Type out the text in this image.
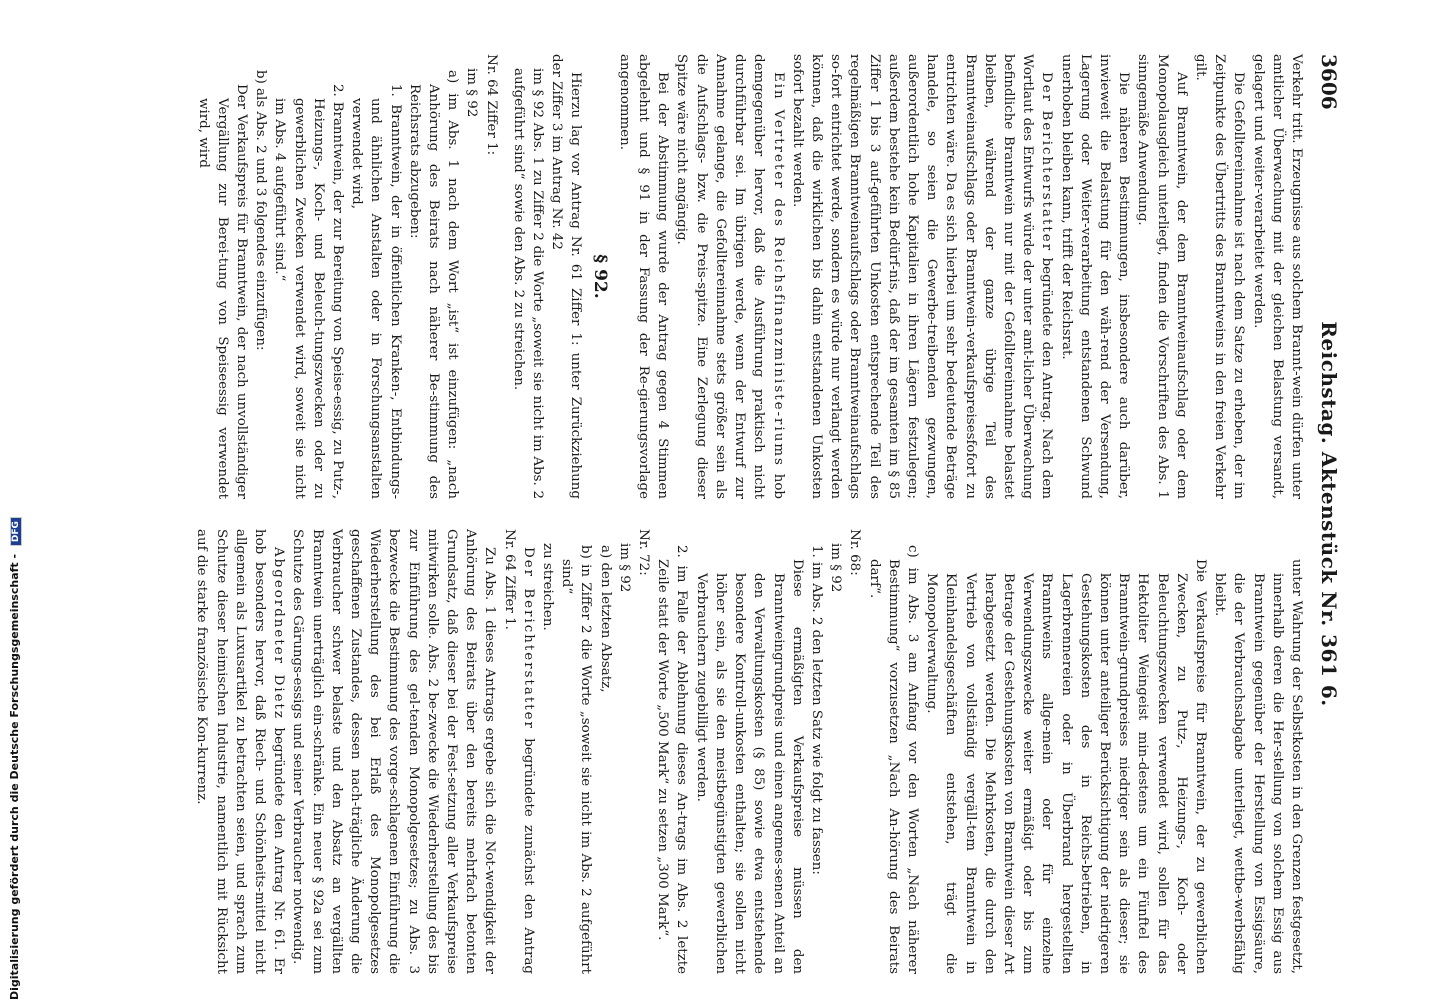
3606
Reichstag. Aktenstück Nr. 361 6.

Verkehr tritt. Erzeugnisse aus solchem Brannt-wein dürfen unter amtlicher Überwachung mit der gleichen Belastung versandt, gelagert und weiter-verarbeitet werden.

Die Gefolltereinnahme ist nach dem Satze zu erheben, der im Zeitpunkte des Übertritts des Branntweins in den freien Verkehr gilt.

Auf Branntwein, der dem Branntweinaufschlag oder dem Monopolausgleich unterliegt, finden die Vorschriften des Abs. 1 sinngemäße Anwendung.

Die näheren Bestimmungen, insbesondere auch darüber, inwieweit die Belastung für den wäh-rend der Versendung, Lagerung oder Weiter-verarbeitung entstandenen Schwund unerhoben bleiben kann, trifft der Reichsrat.

Der Berichterstatter begründete den Antrag. Nach dem Wortlaut des Entwurfs würde der unter amt-licher Überwachung befindliche Branntwein nur mit der Gefolltereinnahme belastet bleiben, während der ganze übrige Teil des Branntweinaufschlags oder Branntwein-verkaufspreisesfofort zu entrichten wäre. Da es sich hierbei um sehr bedeutende Beträge handele, so seien die Gewerbe-treibenden gezwungen, außerordentlich hohe Kapitalien in ihren Lägern festzulegen; außerdem bestehe kein Bedürf-nis, daß der im gesamten im § 85 Ziffer 1 bis 3 auf-geführten Unkosten entsprechende Teil des regelmäßigen Branntweinaufschlags oder Branntweinaufschlags so-fort entrichtet werde, sondern es würde nur verlangt werden können, daß die wirklichen bis dahin entstandenen Unkosten sofort bezahlt werden.

Ein Vertreter des Reichsfinanzministe-riums hob demgegenüber hervor, daß die Ausführung praktisch nicht durchführbar sei. Im übrigen werde, wenn der Entwurf zur Annahme gelange, die Gefolltereinnahme stets größer sein als die Aufschlags- bzw. die Preis-spitze. Eine Zerlegung dieser Spitze wäre nicht angängig.

Bei der Abstimmung wurde der Antrag gegen 4 Stimmen abgelehnt und § 91 in der Fassung der Re-gierungsvorlage angenommen.

§ 92.

Hierzu lag vor Antrag Nr. 61 Ziffer 1: unter Zurückziehung der Ziffer 3 im Antrag Nr. 42

im § 92 Abs. 1 zu Ziffer 2 die Worte „soweit sie nicht im Abs. 2 aufgeführt sind“ sowie den Abs. 2 zu streichen.

Nr. 64 Ziffer 1:

im § 92

a) im Abs. 1 nach dem Wort „ist“ ist einzufügen: „nach Anhörung des Beirats nach näherer Be-stimmung des Reichsrats abzugeben:

1. Branntwein, der in öffentlichen Kranken-, Entbindungs- und ähnlichen Anstalten oder in Forschungsanstalten verwendet wird,

2. Branntwein, der zur Bereitung von Speise-essig, zu Putz-, Heizungs-, Koch- und Beleuch-tungszwecken oder zu gewerblichen Zwecken verwendet wird, soweit sie nicht im Abs. 4 aufgeführt sind.“

b) als Abs. 2 und 3 folgendes einzufügen:

Der Verkaufspreis für Branntwein, der nach unvollständiger Vergällung zur Berei-tung von Speiseessig verwendet wird, wird

unter Wahrung der Selbstkosten in den Grenzen festgesetzt, innerhalb deren die Her-stellung von solchem Essig aus Branntwein gegenüber der Herstellung von Essigsäure, die der Verbrauchsabgabe unterliegt, wettbe-werbsfähig bleibt.

Die Verkaufspreise für Branntwein, der zu gewerblichen Zwecken, zu Putz-, Heizungs-, Koch- oder Beleuchtungszwecken verwendet wird, sollen für das Hektoliter Weingeist min-destens um ein Fünftel des Branntwein-grundpreises niedriger sein als dieser; sie können unter anteiliger Berücksichtigung der niedrigeren Gestehungskosten des in Reichs-betrieben, in Lagerbrennereien oder in Überbrand hergestellten Branntweins allge-mein oder für einzelne Verwendungszwecke weiter ermäßigt oder bis zum Betrage der Gestehungskosten von Branntwein dieser Art herabgesetzt werden. Die Mehrkosten, die durch den Vertrieb von vollständig vergäll-tem Branntwein in Kleinhandelsgeschäften entstehen, trägt die Monopolverwaltung.

c) im Abs. 3 am Anfang vor den Worten „Nach näherer Bestimmung“ vorzusetzen „Nach An-hörung des Beirats darf“.

Nr. 68:

im § 92

1. im Abs. 2 den letzten Satz wie folgt zu fassen:

Diese ermäßigten Verkaufspreise müssen den Branntweingrundpreis und einen angemes-senen Anteil an den Verwaltungskosten (§ 85) sowie etwa entstehende besondere Kontroll-unkosten enthalten; sie sollen nicht höher sein, als sie den meistbegünstigten gewerblichen Verbrauchern zugebilligt werden.

2. im Falle der Ablehnung dieses An-trags im Abs. 2 letzte Zeile statt der Worte „500 Mark“ zu setzen „300 Mark“.

Nr. 72:

im § 92

a) den letzten Absatz,

b) in Ziffer 2 die Worte „soweit sie nicht im Abs. 2 aufgeführt sind“

zu streichen.

Der Berichterstatter begründete zunächst den Antrag Nr. 64 Ziffer 1.

Zu Abs. 1 dieses Antrags ergebe sich die Not-wendigkeit der Anhörung des Beirats über den bereits mehrfach betonten Grundsatz, daß dieser bei der Fest-setzung aller Verkaufspreise mitwirken solle. Abs. 2 be-zwecke die Wiederherstellung des bis zur Einführung des gel-tenden Monopolgesetzes; zu Abs. 3 bezwecke die Bestimmung des vorge-schlagenen Einführung die Wiederherstellung des bei Erlaß des Monopolgesetzes geschaffenen Zustandes, dessen nach-trägliche Änderung die Verbraucher schwer belaste und den Absatz an vergällten Branntwein unerträglich ein-schränke. Ein neuer § 92a sei zum Schutze des Gärungs-essigs und seiner Verbraucher notwendig.

Abgeordneter Dietz begründete den Antrag Nr. 61. Er hob besonders hervor, daß Riech- und Schönheits-mittel nicht allgemein als Luxusartikel zu betrachten seien, und sprach zum Schutze dieser heimischen Industrie, namentlich mit Rücksicht auf die starke französische Kon-kurrenz.

Digitalisierung gefördert durch die Deutsche Forschungsgemeinschaft - DFG
